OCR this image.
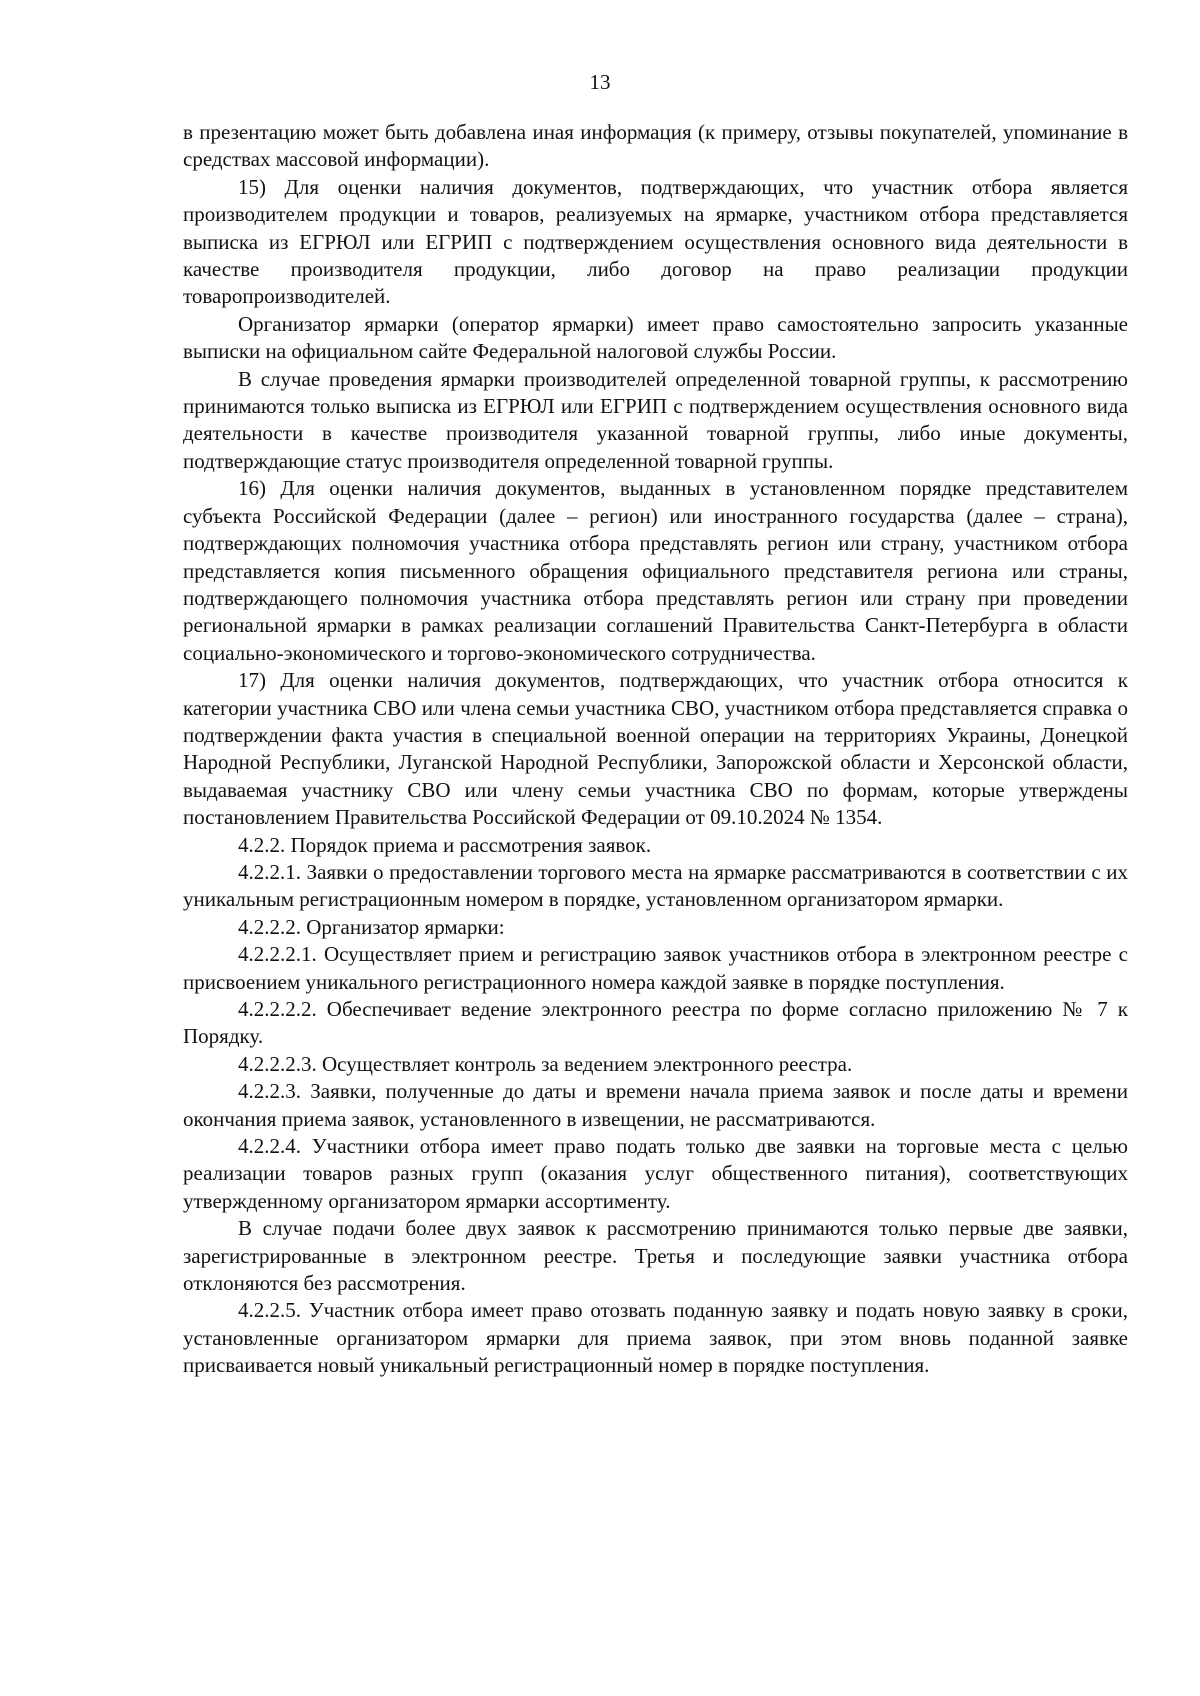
13

в презентацию может быть добавлена иная информация (к примеру, отзывы покупателей, упоминание в средствах массовой информации).

15) Для оценки наличия документов, подтверждающих, что участник отбора является производителем продукции и товаров, реализуемых на ярмарке, участником отбора представляется выписка из ЕГРЮЛ или ЕГРИП с подтверждением осуществления основного вида деятельности в качестве производителя продукции, либо договор на право реализации продукции товаропроизводителей.

Организатор ярмарки (оператор ярмарки) имеет право самостоятельно запросить указанные выписки на официальном сайте Федеральной налоговой службы России.

В случае проведения ярмарки производителей определенной товарной группы, к рассмотрению принимаются только выписка из ЕГРЮЛ или ЕГРИП с подтверждением осуществления основного вида деятельности в качестве производителя указанной товарной группы, либо иные документы, подтверждающие статус производителя определенной товарной группы.

16) Для оценки наличия документов, выданных в установленном порядке представителем субъекта Российской Федерации (далее – регион) или иностранного государства (далее – страна), подтверждающих полномочия участника отбора представлять регион или страну, участником отбора представляется копия письменного обращения официального представителя региона или страны, подтверждающего полномочия участника отбора представлять регион или страну при проведении региональной ярмарки в рамках реализации соглашений Правительства Санкт-Петербурга в области социально-экономического и торгово-экономического сотрудничества.

17) Для оценки наличия документов, подтверждающих, что участник отбора относится к категории участника СВО или члена семьи участника СВО, участником отбора представляется справка о подтверждении факта участия в специальной военной операции на территориях Украины, Донецкой Народной Республики, Луганской Народной Республики, Запорожской области и Херсонской области, выдаваемая участнику СВО или члену семьи участника СВО по формам, которые утверждены постановлением Правительства Российской Федерации от 09.10.2024 № 1354.

4.2.2. Порядок приема и рассмотрения заявок.

4.2.2.1. Заявки о предоставлении торгового места на ярмарке рассматриваются в соответствии с их уникальным регистрационным номером в порядке, установленном организатором ярмарки.

4.2.2.2. Организатор ярмарки:

4.2.2.2.1. Осуществляет прием и регистрацию заявок участников отбора в электронном реестре с присвоением уникального регистрационного номера каждой заявке в порядке поступления.

4.2.2.2.2. Обеспечивает ведение электронного реестра по форме согласно приложению № 7 к Порядку.

4.2.2.2.3. Осуществляет контроль за ведением электронного реестра.

4.2.2.3. Заявки, полученные до даты и времени начала приема заявок и после даты и времени окончания приема заявок, установленного в извещении, не рассматриваются.

4.2.2.4. Участники отбора имеет право подать только две заявки на торговые места с целью реализации товаров разных групп (оказания услуг общественного питания), соответствующих утвержденному организатором ярмарки ассортименту.

В случае подачи более двух заявок к рассмотрению принимаются только первые две заявки, зарегистрированные в электронном реестре. Третья и последующие заявки участника отбора отклоняются без рассмотрения.

4.2.2.5. Участник отбора имеет право отозвать поданную заявку и подать новую заявку в сроки, установленные организатором ярмарки для приема заявок, при этом вновь поданной заявке присваивается новый уникальный регистрационный номер в порядке поступления.
